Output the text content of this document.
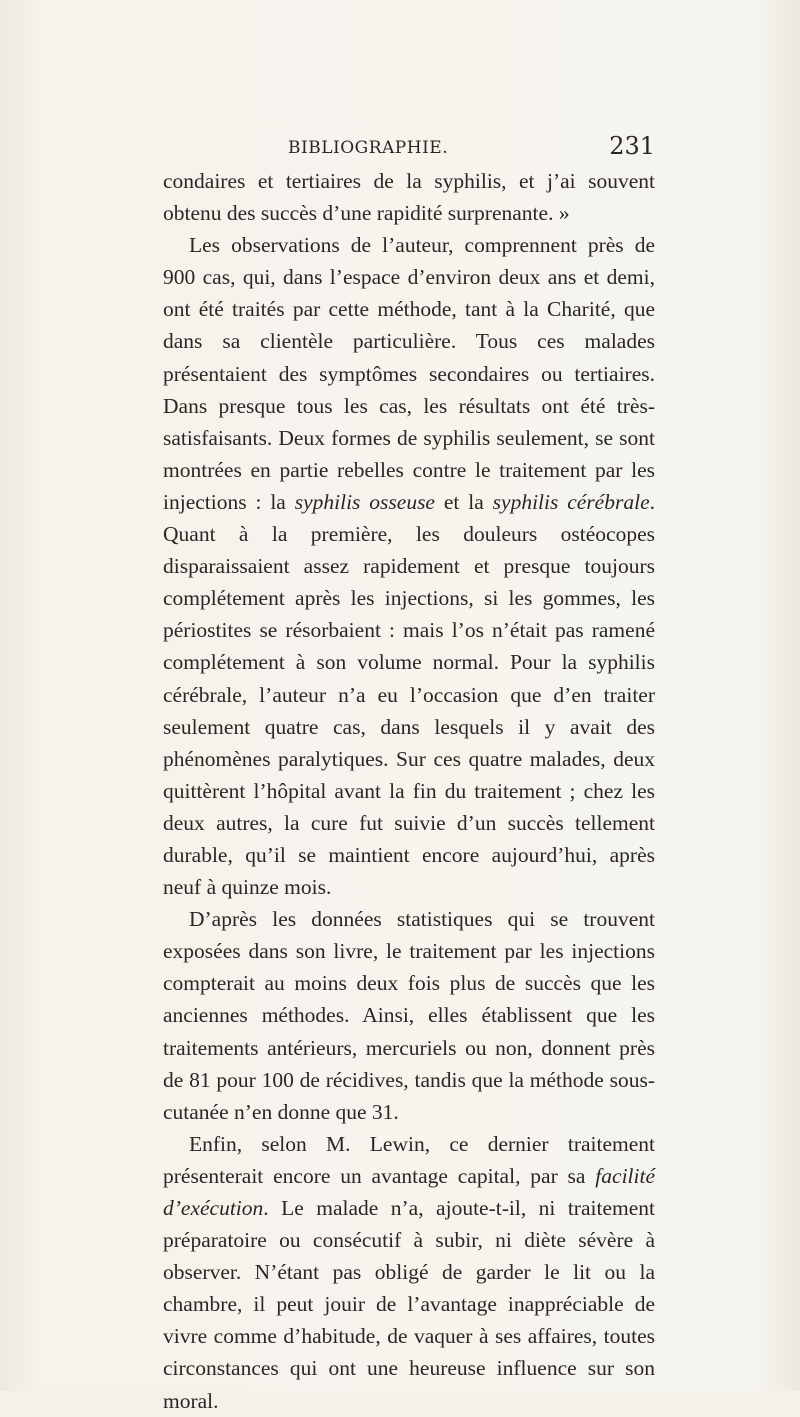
BIBLIOGRAPHIE.	231

condaires et tertiaires de la syphilis, et j’ai souvent obtenu des succès d’une rapidité surprenante. »

Les observations de l’auteur, comprennent près de 900 cas, qui, dans l’espace d’environ deux ans et demi, ont été traités par cette méthode, tant à la Charité, que dans sa clientèle particulière. Tous ces malades présentaient des symptômes secondaires ou tertiaires. Dans presque tous les cas, les résultats ont été très-satisfaisants. Deux formes de syphilis seulement, se sont montrées en partie rebelles contre le traitement par les injections : la syphilis osseuse et la syphilis cérébrale. Quant à la première, les douleurs ostéocopes disparaissaient assez rapidement et presque toujours complétement après les injections, si les gommes, les périostites se résorbaient : mais l’os n’était pas ramené complétement à son volume normal. Pour la syphilis cérébrale, l’auteur n’a eu l’occasion que d’en traiter seulement quatre cas, dans lesquels il y avait des phénomènes paralytiques. Sur ces quatre malades, deux quittèrent l’hôpital avant la fin du traitement ; chez les deux autres, la cure fut suivie d’un succès tellement durable, qu’il se maintient encore aujourd’hui, après neuf à quinze mois.

D’après les données statistiques qui se trouvent exposées dans son livre, le traitement par les injections compterait au moins deux fois plus de succès que les anciennes méthodes. Ainsi, elles établissent que les traitements antérieurs, mercuriels ou non, donnent près de 81 pour 100 de récidives, tandis que la méthode sous-cutanée n’en donne que 31.

Enfin, selon M. Lewin, ce dernier traitement présenterait encore un avantage capital, par sa facilité d’exécution. Le malade n’a, ajoute-t-il, ni traitement préparatoire ou consécutif à subir, ni diète sévère à observer. N’étant pas obligé de garder le lit ou la chambre, il peut jouir de l’avantage inappréciable de vivre comme d’habitude, de vaquer à ses affaires, toutes circonstances qui ont une heureuse influence sur son moral.
